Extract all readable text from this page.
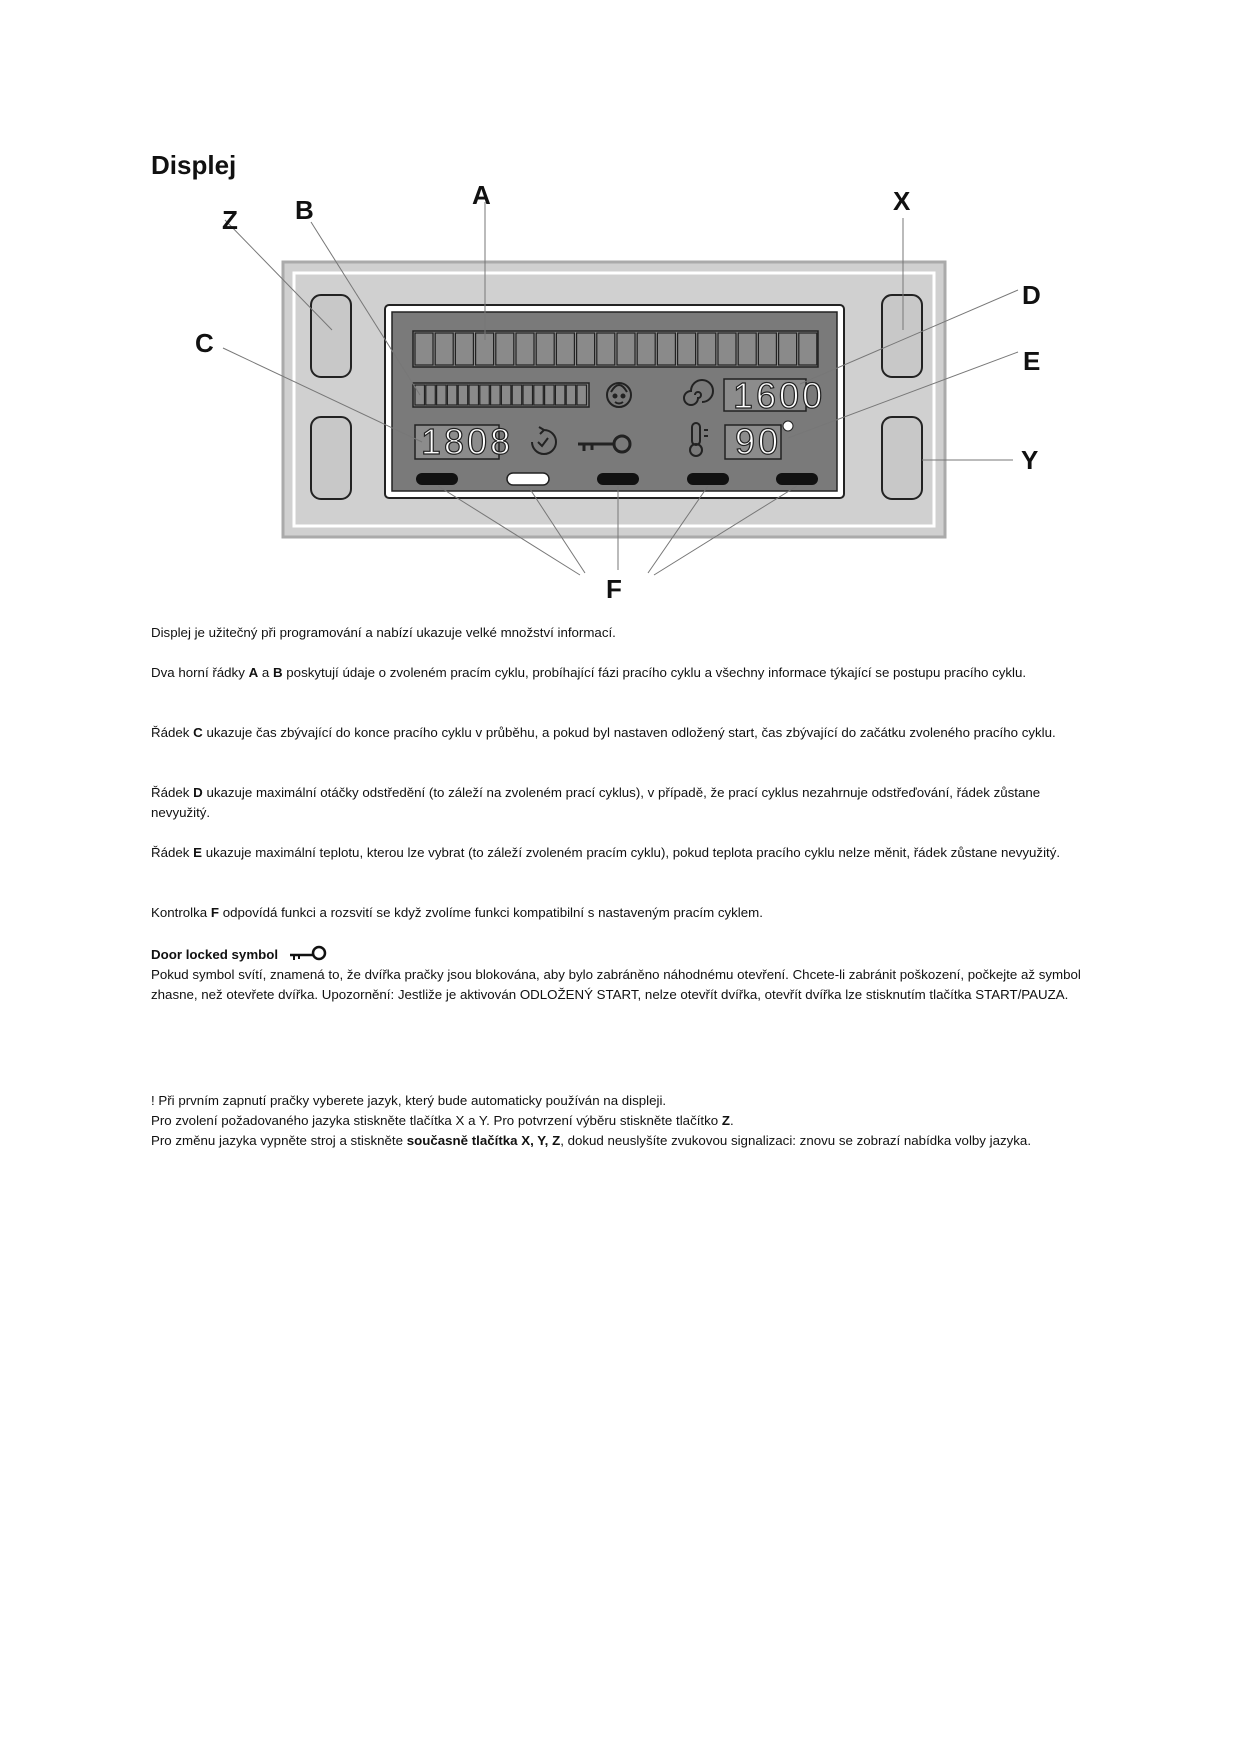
Displej
1808
1600
90
Z B	A	X
C
D
E
Y
F

Displej je užitečný při programování a nabízí ukazuje velké množství informací.

Dva horní řádky A a B poskytují údaje o zvoleném pracím cyklu, probíhající fázi pracího cyklu a všechny informace týkající se postupu pracího cyklu.

Řádek C ukazuje čas zbývající do konce pracího cyklu v průběhu, a pokud byl nastaven odložený start, čas zbývající do začátku zvoleného pracího cyklu.

Řádek D ukazuje maximální otáčky odstředění (to záleží na zvoleném prací cyklus), v případě, že prací cyklus nezahrnuje odstřeďování, řádek zůstane nevyužitý.

Řádek E ukazuje maximální teplotu, kterou lze vybrat (to záleží zvoleném pracím cyklu), pokud teplota pracího cyklu nelze měnit, řádek zůstane nevyužitý.

Kontrolka F odpovídá funkci a rozsvití se když zvolíme funkci kompatibilní s nastaveným pracím cyklem.

Door locked symbol

Pokud symbol svítí, znamená to, že dvířka pračky jsou blokována, aby bylo zabráněno náhodnému otevření. Chcete-li zabránit poškození, počkejte až symbol zhasne, než otevřete dvířka. Upozornění: Jestliže je aktivován ODLOŽENÝ START, nelze otevřít dvířka, otevřít dvířka lze stisknutím tlačítka START/PAUZA.

! Při prvním zapnutí pračky vyberete jazyk, který bude automaticky používán na displeji.

Pro zvolení požadovaného jazyka stiskněte tlačítka X a Y. Pro potvrzení výběru stiskněte tlačítko Z.

Pro změnu jazyka vypněte stroj a stiskněte současně tlačítka X, Y, Z, dokud neuslyšíte zvukovou signalizaci: znovu se zobrazí nabídka volby jazyka.
